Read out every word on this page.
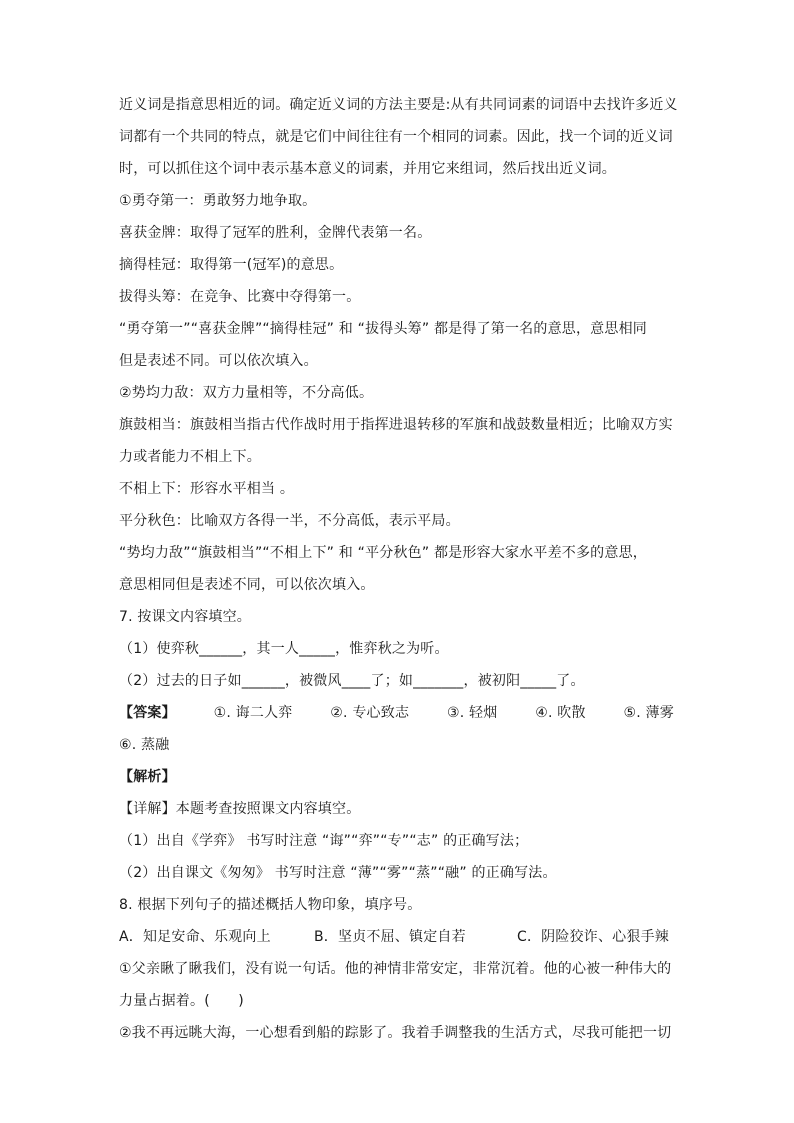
近义词是指意思相近的词。确定近义词的方法主要是:从有共同词素的词语中去找许多近义

词都有一个共同的特点，就是它们中间往往有一个相同的词素。因此，找一个词的近义词

时，可以抓住这个词中表示基本意义的词素，并用它来组词，然后找出近义词。

①勇夺第一：勇敢努力地争取。

喜获金牌：取得了冠军的胜利，金牌代表第一名。

摘得桂冠：取得第一(冠军)的意思。

拔得头筹：在竞争、比赛中夺得第一。

“勇夺第一”“喜获金牌”“摘得桂冠” 和 “拔得头筹” 都是得了第一名的意思，意思相同

但是表述不同。可以依次填入。

②势均力敌：双方力量相等，不分高低。

旗鼓相当：旗鼓相当指古代作战时用于指挥进退转移的军旗和战鼓数量相近；比喻双方实

力或者能力不相上下。

不相上下：形容水平相当 。

平分秋色：比喻双方各得一半，不分高低，表示平局。

“势均力敌”“旗鼓相当”“不相上下” 和 “平分秋色” 都是形容大家水平差不多的意思，

意思相同但是表述不同，可以依次填入。

7. 按课文内容填空。

（1）使弈秋______，其一人_____，惟弈秋之为听。

（2）过去的日子如______，被微风____了；如_______，被初阳_____了。

【答案】	①. 诲二人弈	②. 专心致志	③. 轻烟	④. 吹散	⑤. 薄雾

⑥. 蒸融

【解析】

【详解】本题考查按照课文内容填空。

（1）出自《学弈》 书写时注意 “诲”“弈”“专”“志” 的正确写法；

（2）出自课文《匆匆》 书写时注意 “薄”“雾”“蒸”“融” 的正确写法。

8. 根据下列句子的描述概括人物印象，填序号。

A．知足安命、乐观向上	B．坚贞不屈、镇定自若	C．阴险狡诈、心狠手辣

①父亲瞅了瞅我们，没有说一句话。他的神情非常安定，非常沉着。他的心被一种伟大的

力量占据着。(　　)

②我不再远眺大海，一心想看到船的踪影了。我着手调整我的生活方式，尽我可能把一切
